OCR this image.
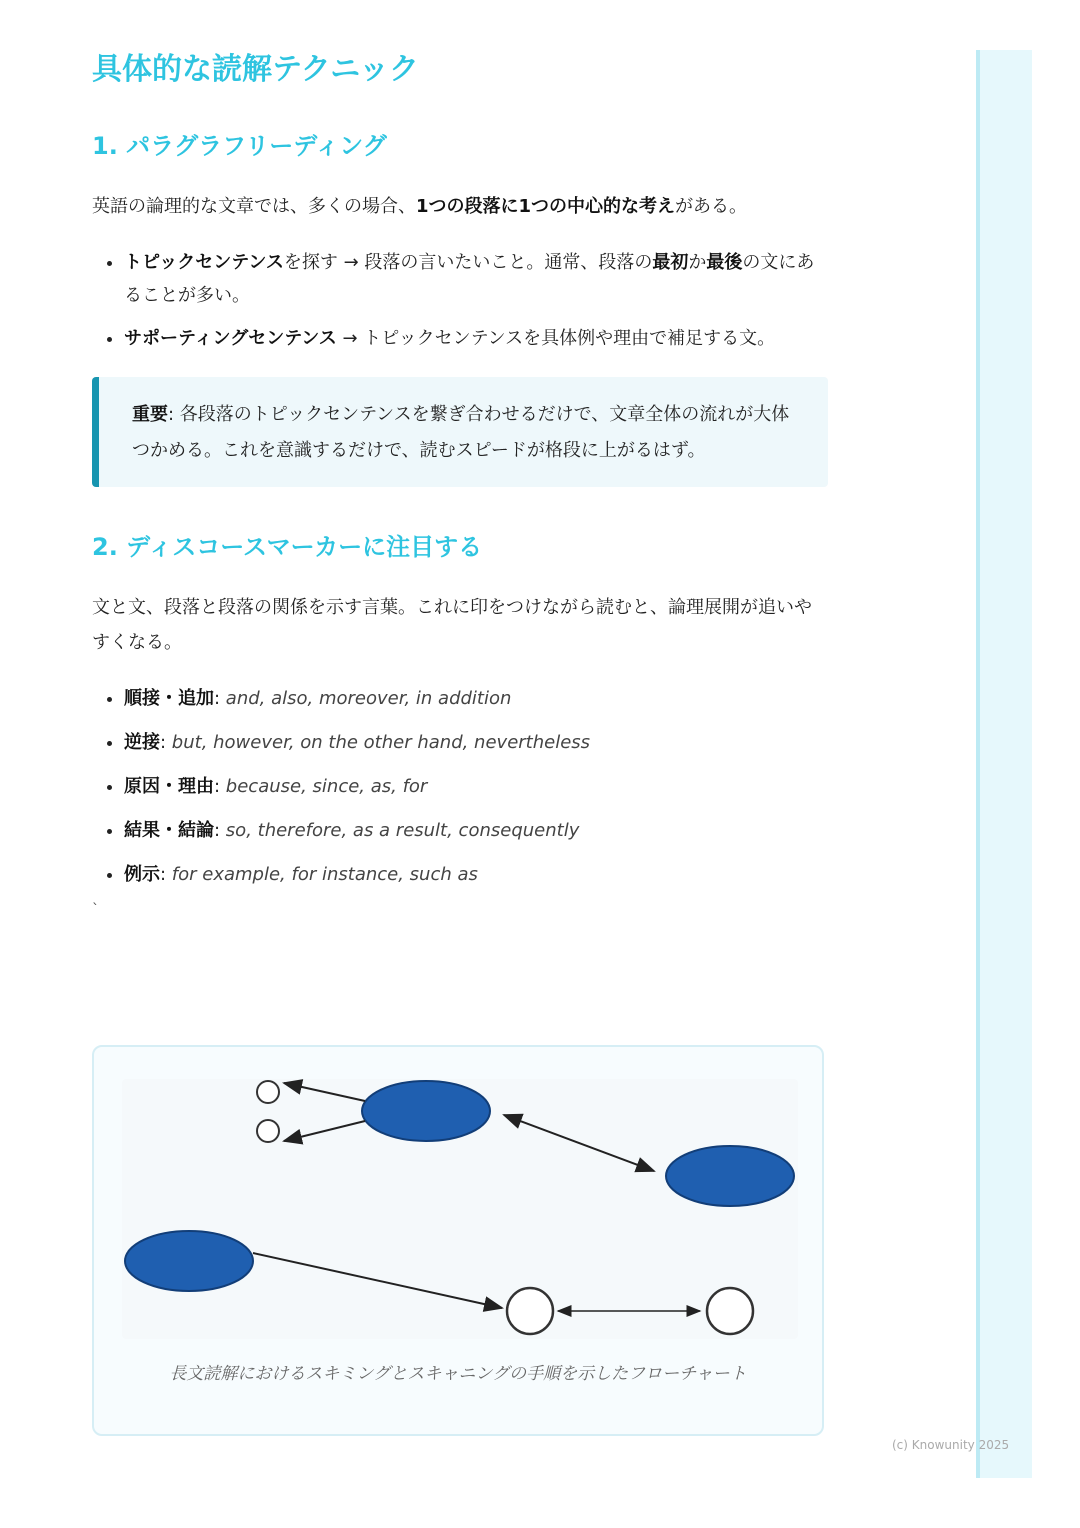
具体的な読解テクニック
1. パラグラフリーディング

英語の論理的な文章では、多くの場合、1つの段落に1つの中心的な考えがある。

• トピックセンテンスを探す → 段落の言いたいこと。通常、段落の最初か最後の文にあることが多い。
• サポーティングセンテンス → トピックセンテンスを具体例や理由で補足する文。
重要: 各段落のトピックセンテンスを繋ぎ合わせるだけで、文章全体の流れが大体つかめる。これを意識するだけで、読むスピードが格段に上がるはず。
2. ディスコースマーカーに注目する

文と文、段落と段落の関係を示す言葉。これに印をつけながら読むと、論理展開が追いやすくなる。

• 順接・追加: and, also, moreover, in addition
• 逆接: but, however, on the other hand, nevertheless
• 原因・理由: because, since, as, for
• 結果・結論: so, therefore, as a result, consequently
• 例示: for example, for instance, such as
`
長文読解におけるスキミングとスキャニングの手順を示したフローチャート
(c) Knowunity 2025
